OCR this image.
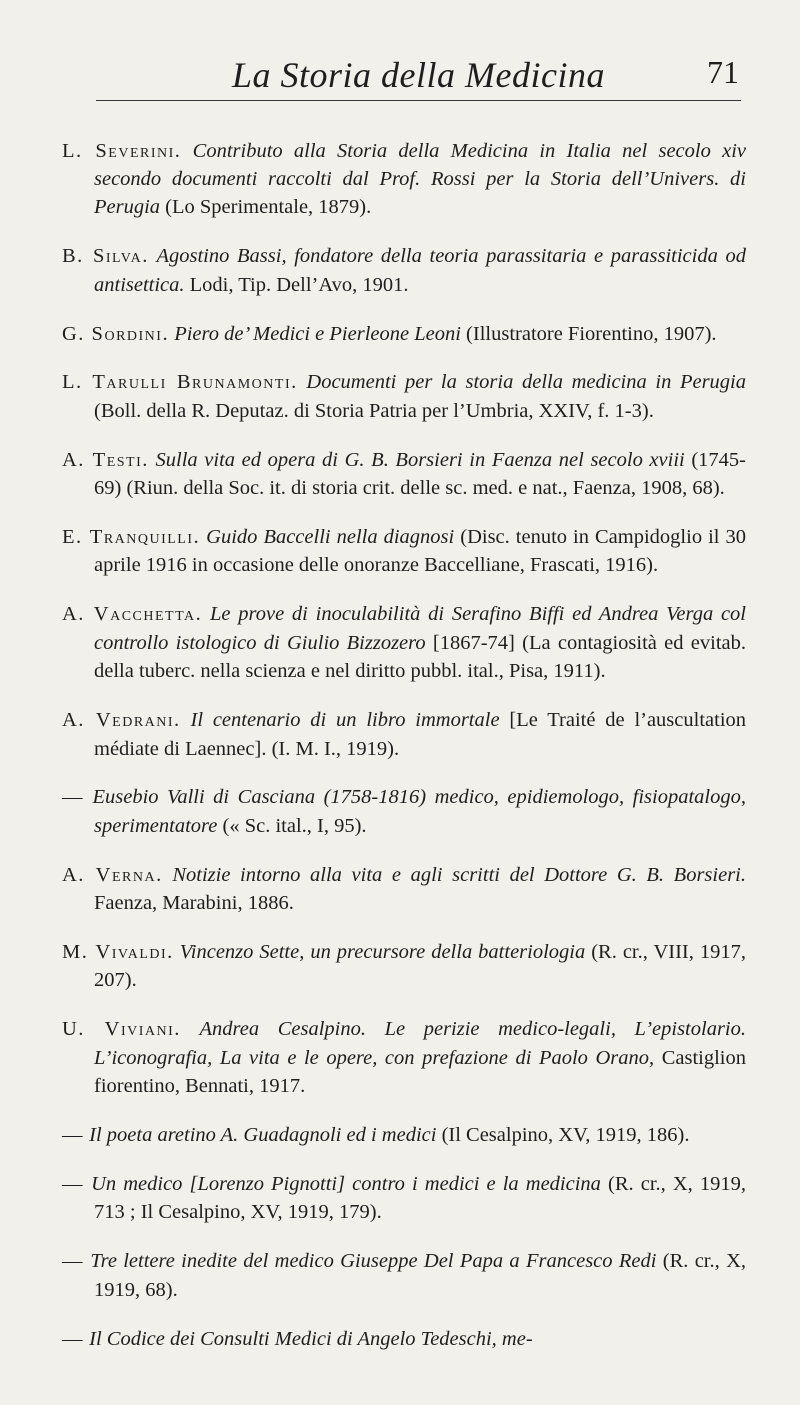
La Storia della Medicina	71

L. Severini. Contributo alla Storia della Medicina in Italia nel secolo xiv secondo documenti raccolti dal Prof. Rossi per la Storia dell’Univers. di Perugia (Lo Sperimentale, 1879).

B. Silva. Agostino Bassi, fondatore della teoria parassitaria e parassiticida od antisettica. Lodi, Tip. Dell’Avo, 1901.

G. Sordini. Piero de’ Medici e Pierleone Leoni (Illustratore Fiorentino, 1907).

L. Tarulli Brunamonti. Documenti per la storia della medicina in Perugia (Boll. della R. Deputaz. di Storia Patria per l’Umbria, XXIV, f. 1-3).

A. Testi. Sulla vita ed opera di G. B. Borsieri in Faenza nel secolo xviii (1745-69) (Riun. della Soc. it. di storia crit. delle sc. med. e nat., Faenza, 1908, 68).

E. Tranquilli. Guido Baccelli nella diagnosi (Disc. tenuto in Campidoglio il 30 aprile 1916 in occasione delle onoranze Baccelliane, Frascati, 1916).

A. Vacchetta. Le prove di inoculabilità di Serafino Biffi ed Andrea Verga col controllo istologico di Giulio Bizzozero [1867-74] (La contagiosità ed evitab. della tuberc. nella scienza e nel diritto pubbl. ital., Pisa, 1911).

A. Vedrani. Il centenario di un libro immortale [Le Traité de l’auscultation médiate di Laennec]. (I. M. I., 1919).

— Eusebio Valli di Casciana (1758-1816) medico, epidiemologo, fisiopatalogo, sperimentatore (« Sc. ital., I, 95).

A. Verna. Notizie intorno alla vita e agli scritti del Dottore G. B. Borsieri. Faenza, Marabini, 1886.

M. Vivaldi. Vincenzo Sette, un precursore della batteriologia (R. cr., VIII, 1917, 207).

U. Viviani. Andrea Cesalpino. Le perizie medico-legali, L’epistolario. L’iconografia, La vita e le opere, con prefazione di Paolo Orano, Castiglion fiorentino, Bennati, 1917.

— Il poeta aretino A. Guadagnoli ed i medici (Il Cesalpino, XV, 1919, 186).

— Un medico [Lorenzo Pignotti] contro i medici e la medicina (R. cr., X, 1919, 713 ; Il Cesalpino, XV, 1919, 179).

— Tre lettere inedite del medico Giuseppe Del Papa a Francesco Redi (R. cr., X, 1919, 68).

— Il Codice dei Consulti Medici di Angelo Tedeschi, me-
